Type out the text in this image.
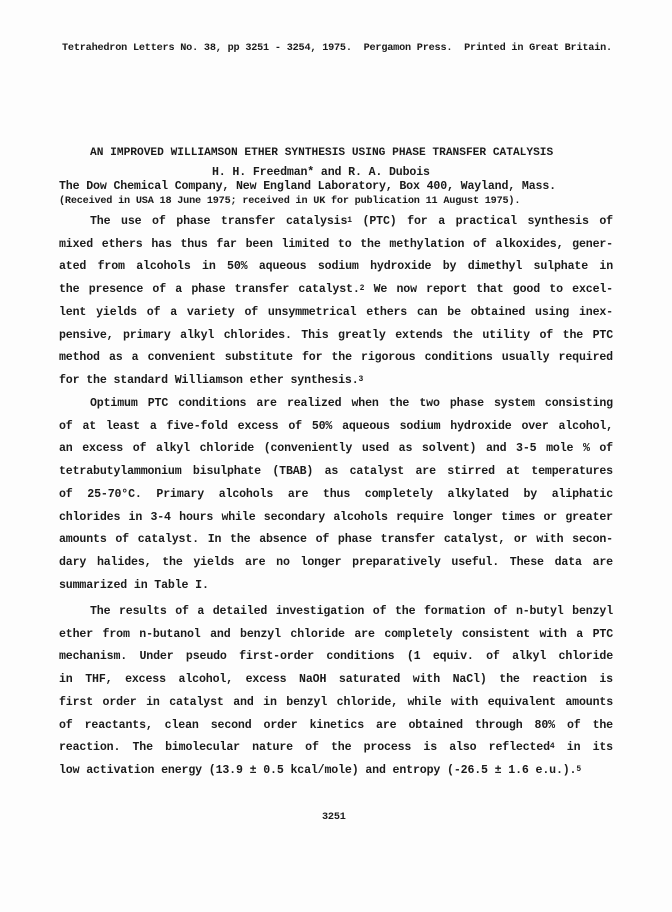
Tetrahedron Letters No. 38, pp 3251 - 3254, 1975.  Pergamon Press.  Printed in Great Britain.
AN IMPROVED WILLIAMSON ETHER SYNTHESIS USING PHASE TRANSFER CATALYSIS
H. H. Freedman* and R. A. Dubois
The Dow Chemical Company, New England Laboratory, Box 400, Wayland, Mass.
(Received in USA 18 June 1975; received in UK for publication 11 August 1975).
The use of phase transfer catalysis$^1$ (PTC) for a practical synthesis of
mixed ethers has thus far been limited to the methylation of alkoxides, gener-
ated from alcohols in 50% aqueous sodium hydroxide by dimethyl sulphate in
the presence of a phase transfer catalyst.$^2$ We now report that good to excel-
lent yields of a variety of unsymmetrical ethers can be obtained using inex-
pensive, primary alkyl chlorides. This greatly extends the utility of the PTC
method as a convenient substitute for the rigorous conditions usually required
for the standard Williamson ether synthesis.$^3$
Optimum PTC conditions are realized when the two phase system consisting
of at least a five-fold excess of 50% aqueous sodium hydroxide over alcohol,
an excess of alkyl chloride (conveniently used as solvent) and 3-5 mole % of
tetrabutylammonium bisulphate (TBAB) as catalyst are stirred at temperatures
of 25-70°C. Primary alcohols are thus completely alkylated by aliphatic
chlorides in 3-4 hours while secondary alcohols require longer times or greater
amounts of catalyst. In the absence of phase transfer catalyst, or with secon-
dary halides, the yields are no longer preparatively useful. These data are
summarized in Table I.
The results of a detailed investigation of the formation of n-butyl benzyl
ether from n-butanol and benzyl chloride are completely consistent with a PTC
mechanism. Under pseudo first-order conditions (1 equiv. of alkyl chloride
in THF, excess alcohol, excess NaOH saturated with NaCl) the reaction is
first order in catalyst and in benzyl chloride, while with equivalent amounts
of reactants, clean second order kinetics are obtained through 80% of the
reaction. The bimolecular nature of the process is also reflected$^4$ in its
low activation energy (13.9 ± 0.5 kcal/mole) and entropy (-26.5 ± 1.6 e.u.).$^5$
3251
